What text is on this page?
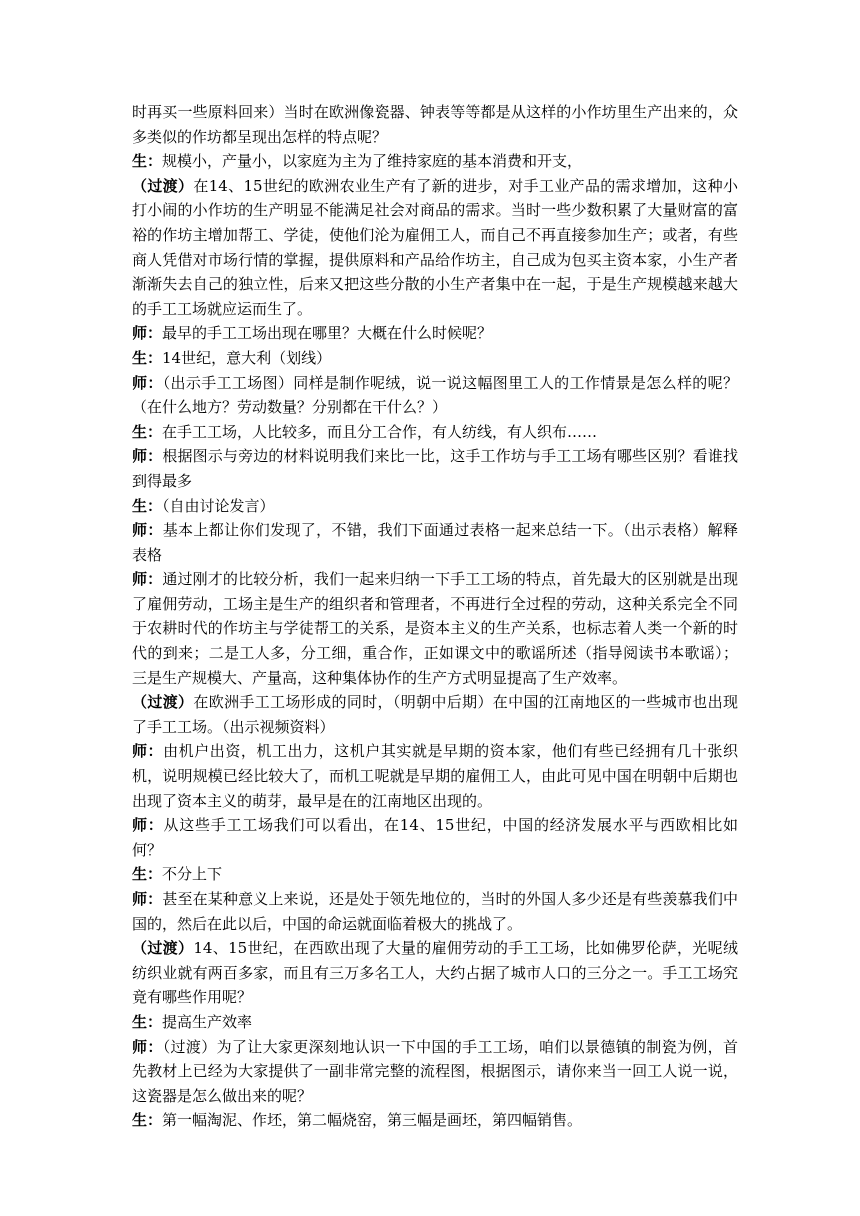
时再买一些原料回来）当时在欧洲像瓷器、钟表等等都是从这样的小作坊里生产出来的，众多类似的作坊都呈现出怎样的特点呢？

生：规模小，产量小，以家庭为主为了维持家庭的基本消费和开支，

（过渡）在14、15世纪的欧洲农业生产有了新的进步，对手工业产品的需求增加，这种小打小闹的小作坊的生产明显不能满足社会对商品的需求。当时一些少数积累了大量财富的富裕的作坊主增加帮工、学徒，使他们沦为雇佣工人，而自己不再直接参加生产；或者，有些商人凭借对市场行情的掌握，提供原料和产品给作坊主，自己成为包买主资本家，小生产者渐渐失去自己的独立性，后来又把这些分散的小生产者集中在一起，于是生产规模越来越大的手工工场就应运而生了。

师：最早的手工工场出现在哪里？大概在什么时候呢？

生：14世纪，意大利（划线）

师：（出示手工工场图）同样是制作呢绒，说一说这幅图里工人的工作情景是怎么样的呢？（在什么地方？劳动数量？分别都在干什么？）

生：在手工工场，人比较多，而且分工合作，有人纺线，有人织布……

师：根据图示与旁边的材料说明我们来比一比，这手工作坊与手工工场有哪些区别？看谁找到得最多

生：（自由讨论发言）

师：基本上都让你们发现了，不错，我们下面通过表格一起来总结一下。（出示表格）解释表格

师：通过刚才的比较分析，我们一起来归纳一下手工工场的特点，首先最大的区别就是出现了雇佣劳动，工场主是生产的组织者和管理者，不再进行全过程的劳动，这种关系完全不同于农耕时代的作坊主与学徒帮工的关系，是资本主义的生产关系，也标志着人类一个新的时代的到来；二是工人多，分工细，重合作，正如课文中的歌谣所述（指导阅读书本歌谣）；三是生产规模大、产量高，这种集体协作的生产方式明显提高了生产效率。

（过渡）在欧洲手工工场形成的同时，（明朝中后期）在中国的江南地区的一些城市也出现了手工工场。（出示视频资料）

师：由机户出资，机工出力，这机户其实就是早期的资本家，他们有些已经拥有几十张织机，说明规模已经比较大了，而机工呢就是早期的雇佣工人，由此可见中国在明朝中后期也出现了资本主义的萌芽，最早是在的江南地区出现的。

师：从这些手工工场我们可以看出，在14、15世纪，中国的经济发展水平与西欧相比如何？

生：不分上下

师：甚至在某种意义上来说，还是处于领先地位的，当时的外国人多少还是有些羡慕我们中国的，然后在此以后，中国的命运就面临着极大的挑战了。

（过渡）14、15世纪，在西欧出现了大量的雇佣劳动的手工工场，比如佛罗伦萨，光呢绒纺织业就有两百多家，而且有三万多名工人，大约占据了城市人口的三分之一。手工工场究竟有哪些作用呢？

生：提高生产效率

师：（过渡）为了让大家更深刻地认识一下中国的手工工场，咱们以景德镇的制瓷为例，首先教材上已经为大家提供了一副非常完整的流程图，根据图示，请你来当一回工人说一说，这瓷器是怎么做出来的呢？

生：第一幅淘泥、作坯，第二幅烧窑，第三幅是画坯，第四幅销售。
